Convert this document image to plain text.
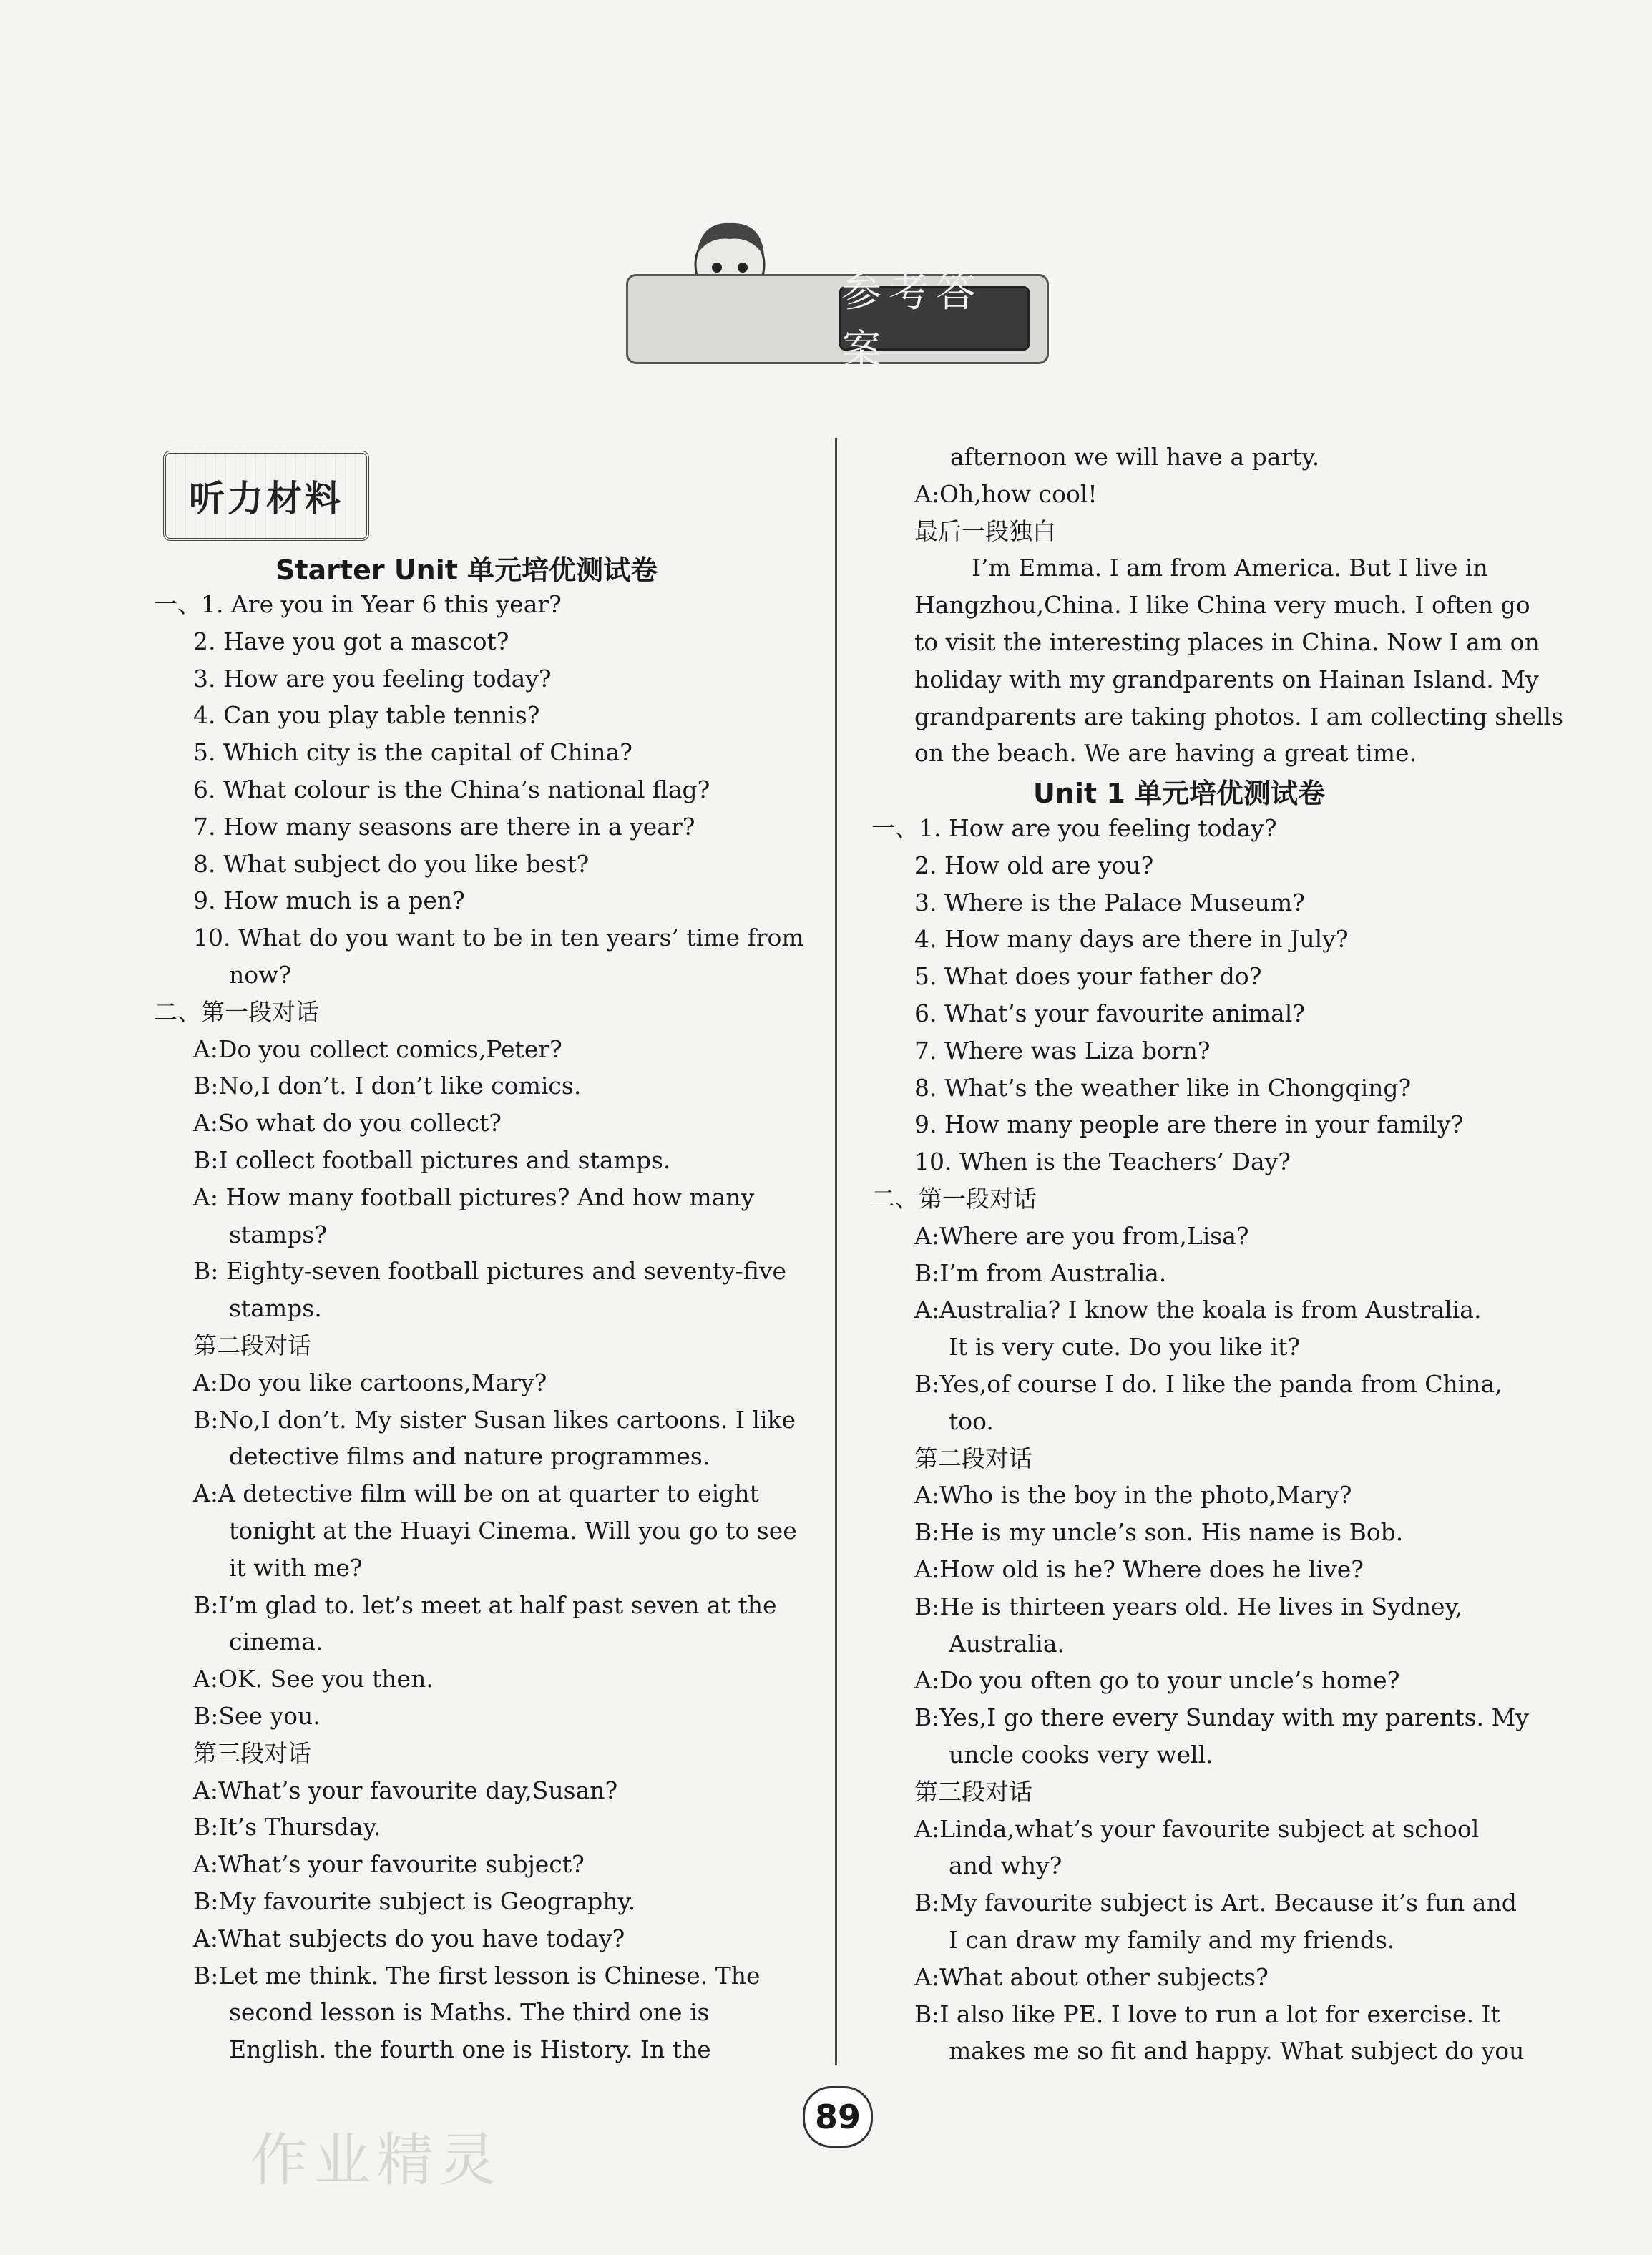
参考答案
听力材料
Starter Unit 单元培优测试卷
一、1. Are you in Year 6 this year?
2. Have you got a mascot?
3. How are you feeling today?
4. Can you play table tennis?
5. Which city is the capital of China?
6. What colour is the China’s national flag?
7. How many seasons are there in a year?
8. What subject do you like best?
9. How much is a pen?
10. What do you want to be in ten years’ time from
now?
二、第一段对话
A:Do you collect comics,Peter?
B:No,I don’t. I don’t like comics.
A:So what do you collect?
B:I collect football pictures and stamps.
A: How many football pictures? And how many
stamps?
B: Eighty-seven football pictures and seventy-five
stamps.
第二段对话
A:Do you like cartoons,Mary?
B:No,I don’t. My sister Susan likes cartoons. I like
detective films and nature programmes.
A:A detective film will be on at quarter to eight
tonight at the Huayi Cinema. Will you go to see
it with me?
B:I’m glad to. let’s meet at half past seven at the
cinema.
A:OK. See you then.
B:See you.
第三段对话
A:What’s your favourite day,Susan?
B:It’s Thursday.
A:What’s your favourite subject?
B:My favourite subject is Geography.
A:What subjects do you have today?
B:Let me think. The first lesson is Chinese. The
second lesson is Maths. The third one is
English. the fourth one is History. In the
afternoon we will have a party.
A:Oh,how cool!
最后一段独白
I’m Emma. I am from America. But I live in
Hangzhou,China. I like China very much. I often go
to visit the interesting places in China. Now I am on
holiday with my grandparents on Hainan Island. My
grandparents are taking photos. I am collecting shells
on the beach. We are having a great time.
Unit 1 单元培优测试卷
一、1. How are you feeling today?
2. How old are you?
3. Where is the Palace Museum?
4. How many days are there in July?
5. What does your father do?
6. What’s your favourite animal?
7. Where was Liza born?
8. What’s the weather like in Chongqing?
9. How many people are there in your family?
10. When is the Teachers’ Day?
二、第一段对话
A:Where are you from,Lisa?
B:I’m from Australia.
A:Australia? I know the koala is from Australia.
It is very cute. Do you like it?
B:Yes,of course I do. I like the panda from China,
too.
第二段对话
A:Who is the boy in the photo,Mary?
B:He is my uncle’s son. His name is Bob.
A:How old is he? Where does he live?
B:He is thirteen years old. He lives in Sydney,
Australia.
A:Do you often go to your uncle’s home?
B:Yes,I go there every Sunday with my parents. My
uncle cooks very well.
第三段对话
A:Linda,what’s your favourite subject at school
and why?
B:My favourite subject is Art. Because it’s fun and
I can draw my family and my friends.
A:What about other subjects?
B:I also like PE. I love to run a lot for exercise. It
makes me so fit and happy. What subject do you
89
作业精灵
